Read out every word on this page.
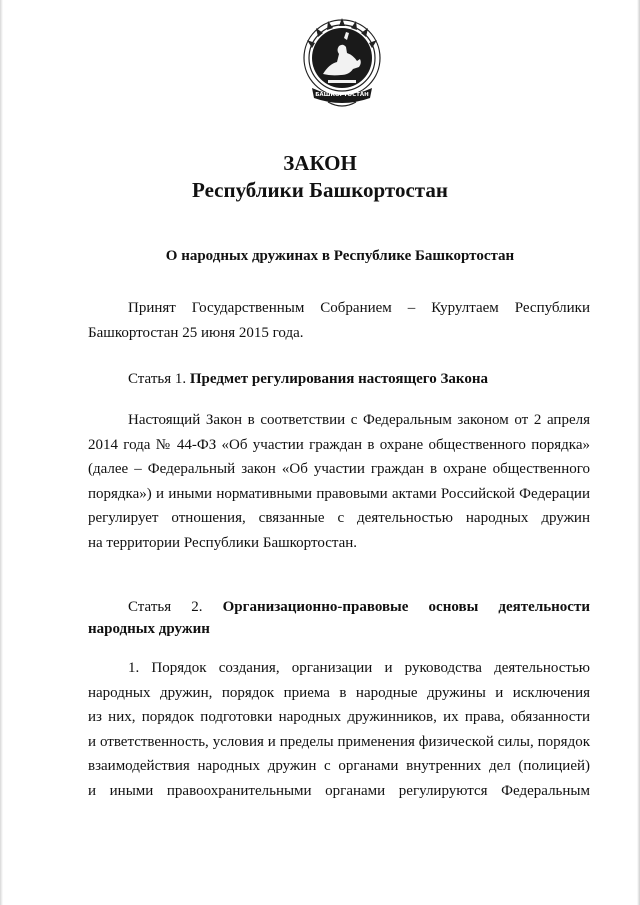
БАШКОРТОСТАН
ЗАКОН
Республики Башкортостан
О народных дружинах в Республике Башкортостан
Принят Государственным Собранием – Курултаем Республики
Башкортостан 25 июня 2015 года.
Статья 1. Предмет регулирования настоящего Закона
Настоящий Закон в соответствии с Федеральным законом от 2 апреля
2014 года № 44-ФЗ «Об участии граждан в охране общественного порядка»
(далее – Федеральный закон «Об участии граждан в охране общественного
порядка») и иными нормативными правовыми актами Российской Федерации
регулирует отношения, связанные с деятельностью народных дружин
на территории Республики Башкортостан.
Статья 2. Организационно-правовые основы деятельности
народных дружин
1. Порядок создания, организации и руководства деятельностью
народных дружин, порядок приема в народные дружины и исключения
из них, порядок подготовки народных дружинников, их права, обязанности
и ответственность, условия и пределы применения физической силы, порядок
взаимодействия народных дружин с органами внутренних дел (полицией)
и иными правоохранительными органами регулируются Федеральным
